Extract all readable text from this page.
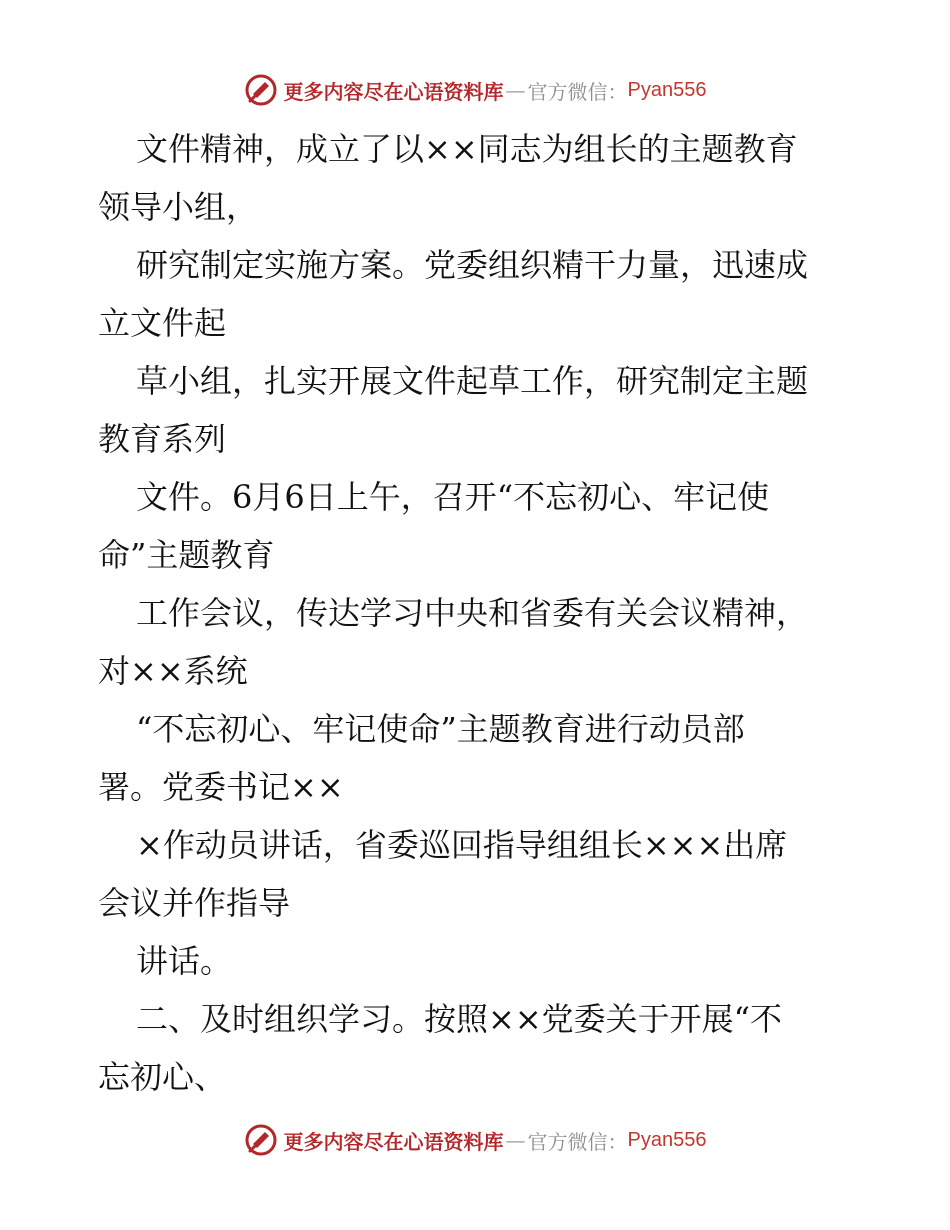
更多内容尽在心语资料库 — 官方微信： Pyan556
文件精神，成立了以××同志为组长的主题教育
领导小组，
研究制定实施方案。党委组织精干力量，迅速成
立文件起
草小组，扎实开展文件起草工作，研究制定主题
教育系列
文件。6月6日上午，召开“不忘初心、牢记使
命”主题教育
工作会议，传达学习中央和省委有关会议精神，
对××系统
“不忘初心、牢记使命”主题教育进行动员部
署。党委书记××
×作动员讲话，省委巡回指导组组长×××出席
会议并作指导
讲话。
二、及时组织学习。按照××党委关于开展“不
忘初心、
更多内容尽在心语资料库 — 官方微信： Pyan556
